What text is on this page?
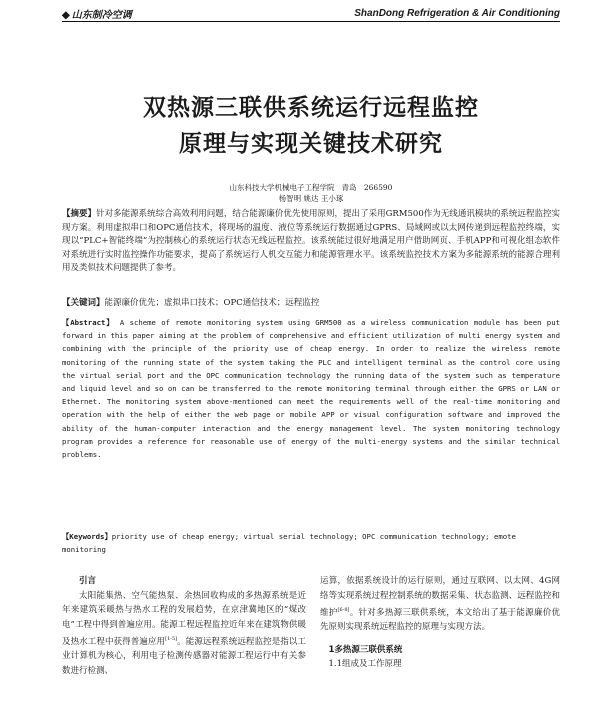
◆ 山东制冷空调	ShanDong Refrigeration & Air Conditioning
双热源三联供系统运行远程监控
原理与实现关键技术研究
山东科技大学机械电子工程学院 青岛 266590
杨智明 姚达 王小琢
【摘要】针对多能源系统综合高效利用问题，结合能源廉价优先使用原则，提出了采用GRM500作为无线通讯模块的系统远程监控实现方案。利用虚拟串口和OPC通信技术，将现场的温度、液位等系统运行数据通过GPRS、局域网或以太网传递到远程监控终端，实现以“PLC+智能终端”为控制核心的系统运行状态无线远程监控。该系统能过很好地满足用户借助网页、手机APP和可视化组态软件对系统进行实时监控操作功能要求，提高了系统运行人机交互能力和能源管理水平。该系统监控技术方案为多能源系统的能源合理利用及类似技术问题提供了参考。
【关键词】能源廉价优先；虚拟串口技术；OPC通信技术；远程监控
【Abstract】 A scheme of remote monitoring system using GRM500 as a wireless communication module has been put forward in this paper aiming at the problem of comprehensive and efficient utilization of multi energy system and combining with the principle of the priority use of cheap energy. In order to realize the wireless remote monitoring of the running state of the system taking the PLC and intelligent terminal as the control core using the virtual serial port and the OPC communication technology the running data of the system such as temperature and liquid level and so on can be transferred to the remote monitoring terminal through either the GPRS or LAN or Ethernet. The monitoring system above-mentioned can meet the requirements well of the real-time monitoring and operation with the help of either the web page or mobile APP or visual configuration software and improved the ability of the human-computer interaction and the energy management level. The system monitoring technology program provides a reference for reasonable use of energy of the multi-energy systems and the similar technical problems.
【Keywords】priority use of cheap energy; virtual serial technology; OPC communication technology; emote monitoring
引言
太阳能集热、空气能热泵、余热回收构成的多热源系统是近年来建筑采暖热与热水工程的发展趋势，在京津冀地区的“煤改电”工程中得到普遍应用。能源工程远程监控近年来在建筑物供暖及热水工程中获得普遍应用[1-5]。能源远程系统远程监控是指以工业计算机为核心，利用电子检测传感器对能源工程运行中有关参数进行检测、
运算，依据系统设计的运行原则，通过互联网、以太网、4G网络等实现系统过程控制系统的数据采集、状态监测、远程监控和维护[6-8]。针对多热源三联供系统，本文给出了基于能源廉价优先原则实现系统远程监控的原理与实现方法。
1多热源三联供系统
1.1组成及工作原理
